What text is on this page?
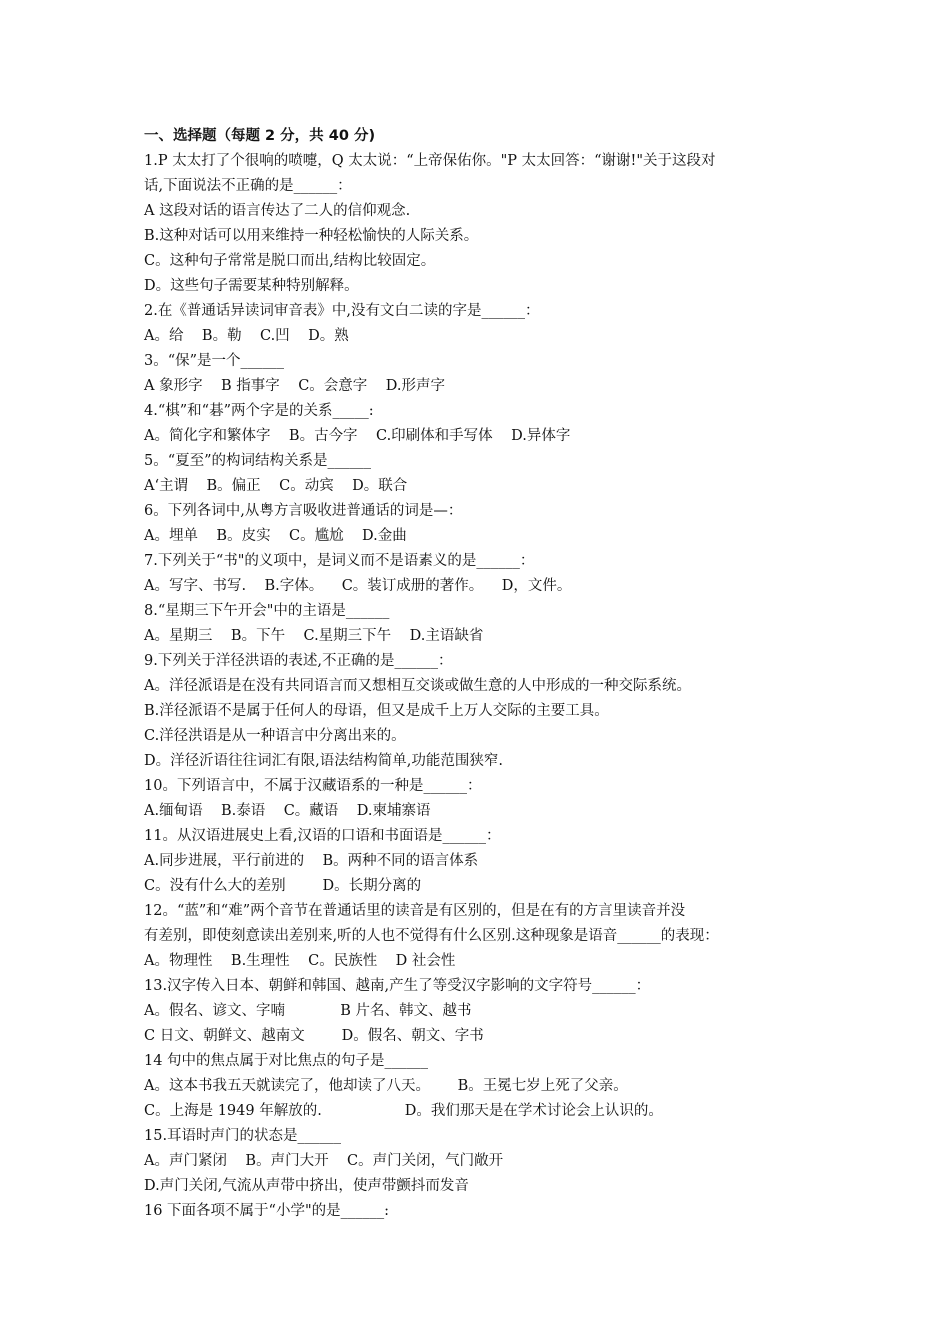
一、选择题（每题 2 分，共 40 分)
1.P 太太打了个很响的喷嚏，Q 太太说：“上帝保佑你。"P 太太回答：“谢谢!"关于这段对
话,下面说法不正确的是______：
A 这段对话的语言传达了二人的信仰观念.
B.这种对话可以用来维持一种轻松愉快的人际关系。
C。这种句子常常是脱口而出,结构比较固定。
D。这些句子需要某种特别解释。
2.在《普通话异读词审音表》中,没有文白二读的字是______：
A。给    B。勒    C.凹    D。熟
3。“保”是一个______
A 象形字    B 指事字    C。会意字    D.形声字
4.“棋”和“碁”两个字是的关系_____:
A。简化字和繁体字    B。古今字    C.印刷体和手写体    D.异体字
5。“夏至”的构词结构关系是______
A‘主谓    B。偏正    C。动宾    D。联合
6。下列各词中,从粤方言吸收进普通话的词是—：
A。埋单    B。皮实    C。尴尬    D.金曲
7.下列关于“书"的义项中，是词义而不是语素义的是______：
A。写字、书写.    B.字体。    C。装订成册的著作。    D，文件。
8.“星期三下午开会"中的主语是______
A。星期三    B。下午    C.星期三下午    D.主语缺省
9.下列关于洋径洪语的表述,不正确的是______：
A。洋径派语是在没有共同语言而又想相互交谈或做生意的人中形成的一种交际系统。
B.洋径派语不是属于任何人的母语，但又是成千上万人交际的主要工具。
C.洋径洪语是从一种语言中分离出来的。
D。洋径沂语往往词汇有限,语法结构简单,功能范围狭窄.
10。下列语言中，不属于汉藏语系的一种是______：
A.缅甸语    B.泰语    C。藏语    D.柬埔寨语
11。从汉语进展史上看,汉语的口语和书面语是______：
A.同步进展，平行前进的    B。两种不同的语言体系
C。没有什么大的差别        D。长期分离的
12。“蓝”和“难”两个音节在普通话里的读音是有区别的，但是在有的方言里读音并没
有差别，即使刻意读出差别来,听的人也不觉得有什么区别.这种现象是语音______的表现：
A。物理性    B.生理性    C。民族性    D 社会性
13.汉字传入日本、朝鲜和韩国、越南,产生了等受汉字影响的文字符号______：
A。假名、谚文、字喃            B 片名、韩文、越书
C 日文、朝鲜文、越南文        D。假名、朝文、字书
14 句中的焦点属于对比焦点的句子是______
A。这本书我五天就读完了，他却读了八天。      B。王冕七岁上死了父亲。
C。上海是 1949 年解放的.                  D。我们那天是在学术讨论会上认识的。
15.耳语时声门的状态是______
A。声门紧闭    B。声门大开    C。声门关闭，气门敞开
D.声门关闭,气流从声带中挤出，使声带颤抖而发音
16 下面各项不属于“小学"的是______:
